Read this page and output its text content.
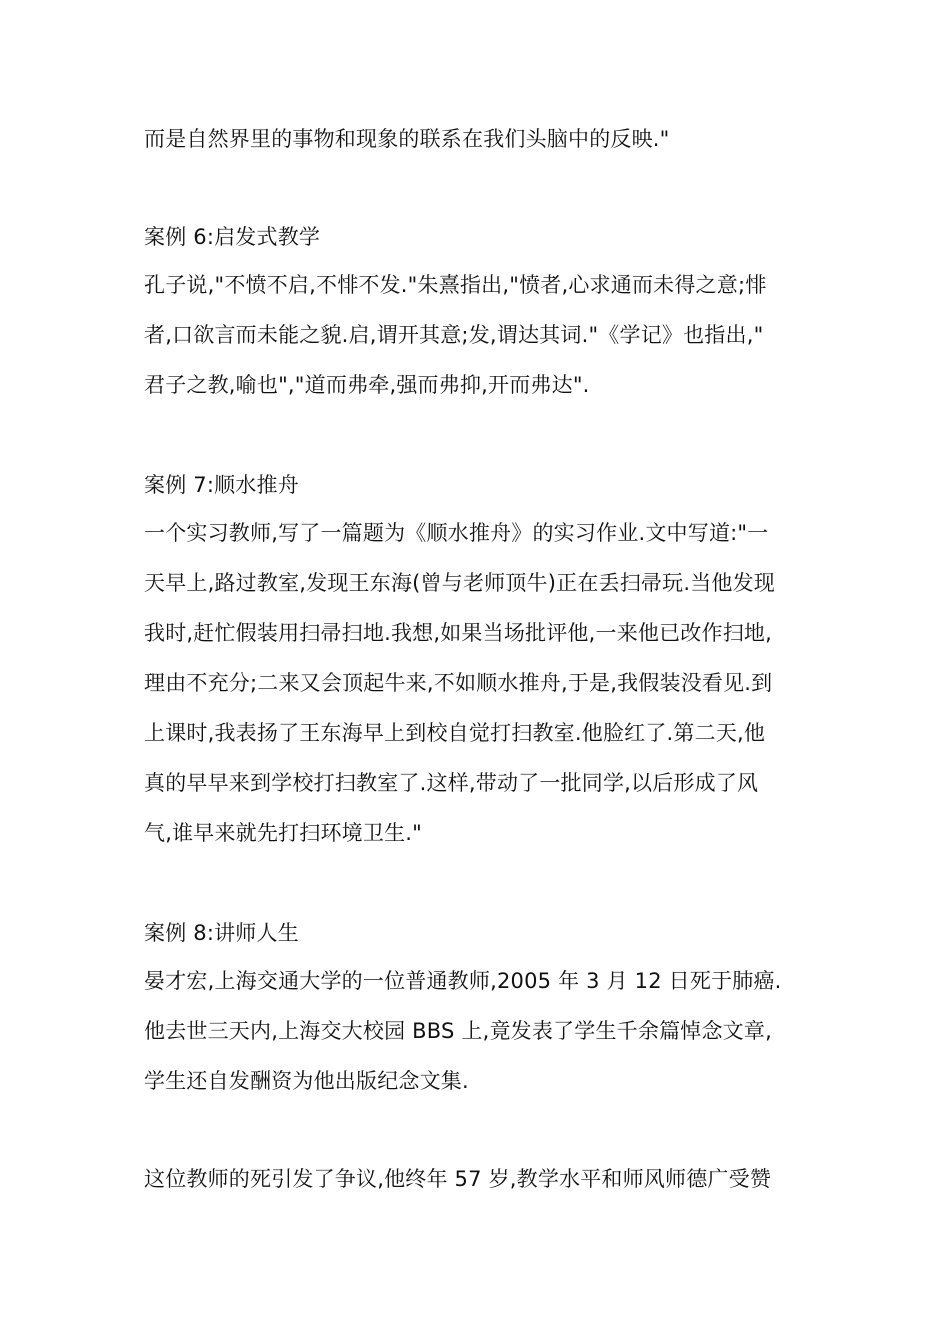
而是自然界里的事物和现象的联系在我们头脑中的反映."
案例 6:启发式教学
孔子说,"不愤不启,不悱不发."朱熹指出,"愤者,心求通而未得之意;悱
者,口欲言而未能之貌.启,谓开其意;发,谓达其词."《学记》也指出,"
君子之教,喻也","道而弗牵,强而弗抑,开而弗达".
案例 7:顺水推舟
一个实习教师,写了一篇题为《顺水推舟》的实习作业.文中写道:"一
天早上,路过教室,发现王东海(曾与老师顶牛)正在丢扫帚玩.当他发现
我时,赶忙假装用扫帚扫地.我想,如果当场批评他,一来他已改作扫地,
理由不充分;二来又会顶起牛来,不如顺水推舟,于是,我假装没看见.到
上课时,我表扬了王东海早上到校自觉打扫教室.他脸红了.第二天,他
真的早早来到学校打扫教室了.这样,带动了一批同学,以后形成了风
气,谁早来就先打扫环境卫生."
案例 8:讲师人生
晏才宏,上海交通大学的一位普通教师,2005 年 3 月 12 日死于肺癌.
他去世三天内,上海交大校园 BBS 上,竟发表了学生千余篇悼念文章,
学生还自发酬资为他出版纪念文集.
这位教师的死引发了争议,他终年 57 岁,教学水平和师风师德广受赞
